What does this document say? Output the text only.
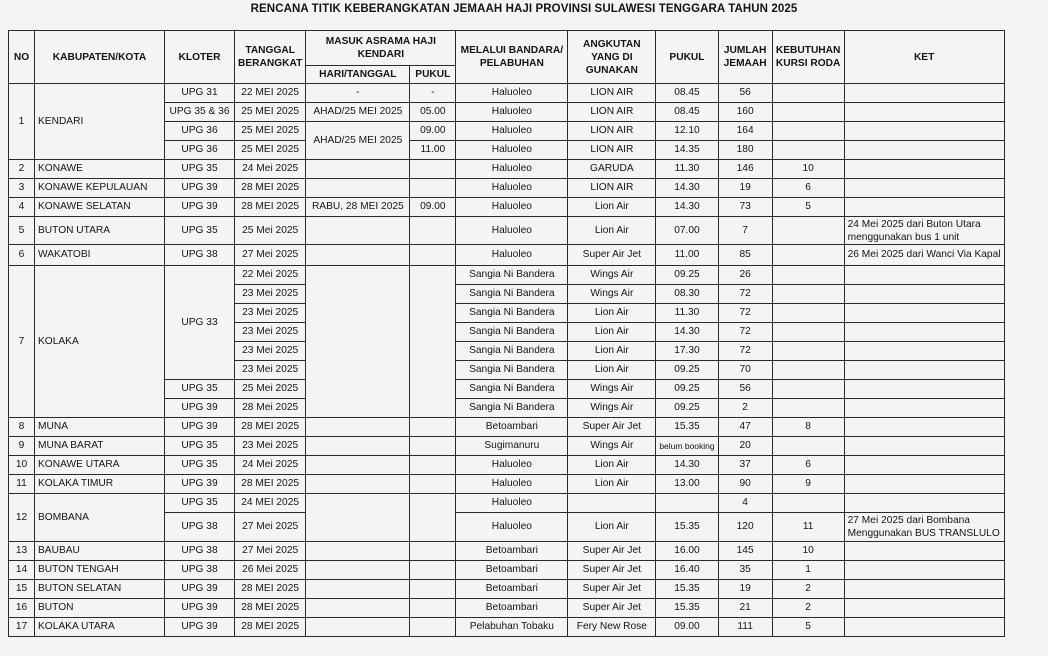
RENCANA TITIK KEBERANGKATAN JEMAAH HAJI PROVINSI SULAWESI TENGGARA TAHUN 2025
NO	KABUPATEN/KOTA	KLOTER	TANGGAL BERANGKAT	MASUK ASRAMA HAJI KENDARI		MELALUI BANDARA/ PELABUHAN	ANGKUTAN YANG DI GUNAKAN	PUKUL	JUMLAH JEMAAH	KEBUTUHAN KURSI RODA	KET
				HARI/TANGGAL	PUKUL						
1	KENDARI	UPG 31	22 MEI 2025	-	-	Haluoleo	LION AIR	08.45	56		
		UPG 35 & 36	25 MEI 2025	AHAD/25 MEI 2025	05.00	Haluoleo	LION AIR	08.45	160		
		UPG 36	25 MEI 2025	AHAD/25 MEI 2025	09.00	Haluoleo	LION AIR	12.10	164		
		UPG 36	25 MEI 2025		11.00	Haluoleo	LION AIR	14.35	180		
2	KONAWE	UPG 35	24 Mei 2025			Haluoleo	GARUDA	11.30	146	10	
3	KONAWE KEPULAUAN	UPG 39	28 MEI 2025			Haluoleo	LION AIR	14.30	19	6	
4	KONAWE SELATAN	UPG 39	28 MEI 2025	RABU, 28 MEI 2025	09.00	Haluoleo	Lion Air	14.30	73	5	
5	BUTON UTARA	UPG 35	25 Mei 2025			Haluoleo	Lion Air	07.00	7		24 Mei 2025 dari Buton Utara menggunakan bus 1 unit
6	WAKATOBI	UPG 38	27 Mei 2025			Haluoleo	Super Air Jet	11.00	85		26 Mei 2025 dari Wanci Via Kapal
7	KOLAKA	UPG 33	22 Mei 2025			Sangia Ni Bandera	Wings Air	09.25	26		
			23 Mei 2025			Sangia Ni Bandera	Wings Air	08.30	72		
			23 Mei 2025			Sangia Ni Bandera	Lion Air	11.30	72		
			23 Mei 2025			Sangia Ni Bandera	Lion Air	14.30	72		
			23 Mei 2025			Sangia Ni Bandera	Lion Air	17.30	72		
			23 Mei 2025			Sangia Ni Bandera	Lion Air	09.25	70		
		UPG 35	25 Mei 2025			Sangia Ni Bandera	Wings Air	09.25	56		
		UPG 39	28 Mei 2025			Sangia Ni Bandera	Wings Air	09.25	2		
8	MUNA	UPG 39	28 MEI 2025			Betoambari	Super Air Jet	15.35	47	8	
9	MUNA BARAT	UPG 35	23 Mei 2025			Sugimanuru	Wings Air	belum booking	20		
10	KONAWE UTARA	UPG 35	24 Mei 2025			Haluoleo	Lion Air	14.30	37	6	
11	KOLAKA TIMUR	UPG 39	28 MEI 2025			Haluoleo	Lion Air	13.00	90	9	
12	BOMBANA	UPG 35	24 MEI 2025			Haluoleo			4		
		UPG 38	27 Mei 2025			Haluoleo	Lion Air	15.35	120	11	27 Mei 2025 dari Bombana Menggunakan BUS TRANSLULO
13	BAUBAU	UPG 38	27 Mei 2025			Betoambari	Super Air Jet	16.00	145	10	
14	BUTON TENGAH	UPG 38	26 Mei 2025			Betoambari	Super Air Jet	16.40	35	1	
15	BUTON SELATAN	UPG 39	28 MEI 2025			Betoambari	Super Air Jet	15.35	19	2	
16	BUTON	UPG 39	28 MEI 2025			Betoambari	Super Air Jet	15.35	21	2	
17	KOLAKA UTARA	UPG 39	28 MEI 2025			Pelabuhan Tobaku	Fery New Rose	09.00	111	5	
